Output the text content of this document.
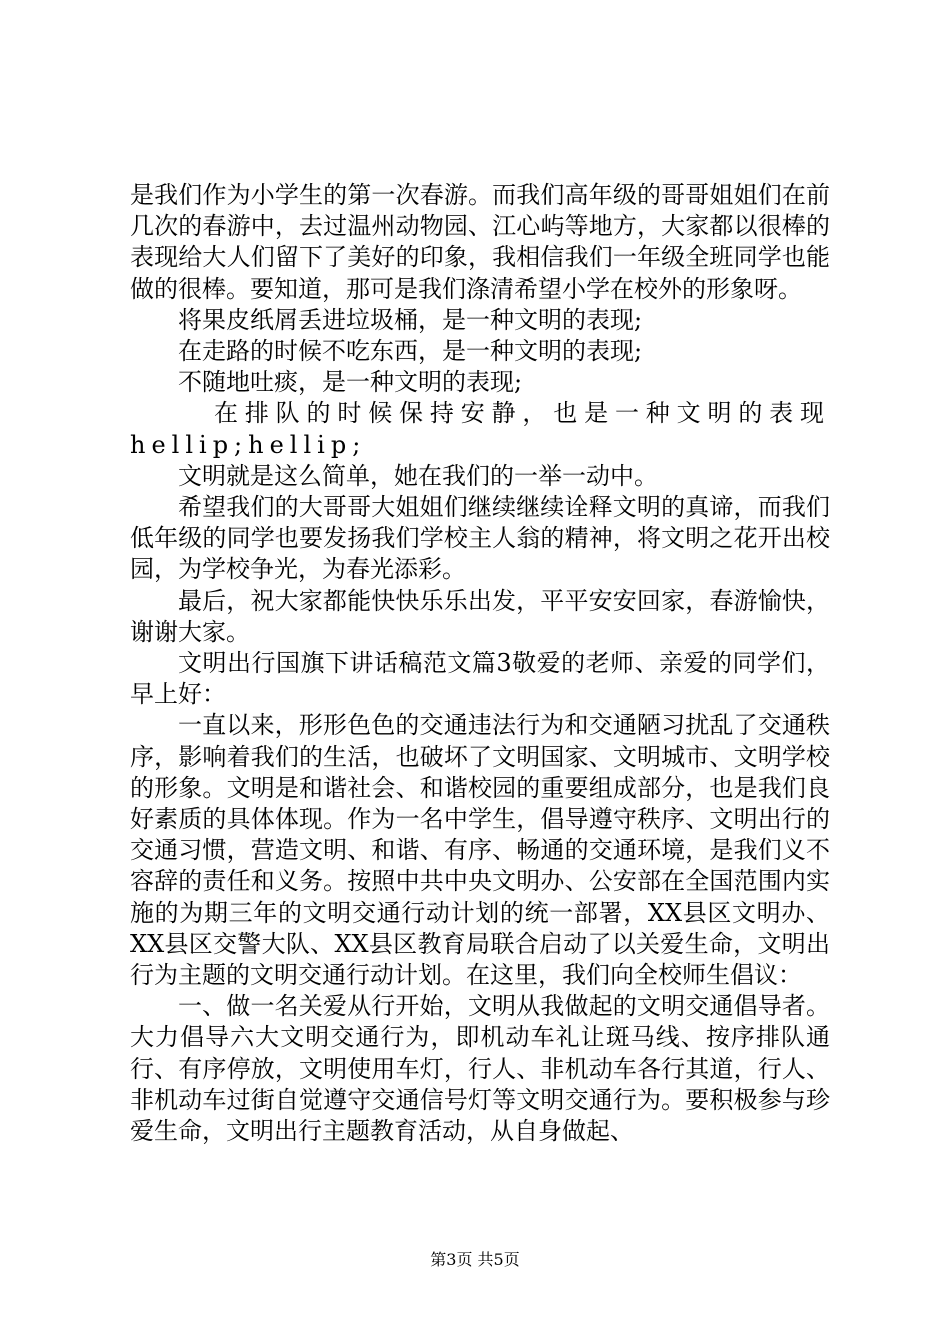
是我们作为小学生的第一次春游。而我们高年级的哥哥姐姐们在前几次的春游中，去过温州动物园、江心屿等地方，大家都以很棒的表现给大人们留下了美好的印象，我相信我们一年级全班同学也能做的很棒。要知道，那可是我们涤清希望小学在校外的形象呀。

将果皮纸屑丢进垃圾桶，是一种文明的表现;

在走路的时候不吃东西，是一种文明的表现;

不随地吐痰，是一种文明的表现;

在排队的时候保持安静，也是一种文明的表现hellip;hellip;

文明就是这么简单，她在我们的一举一动中。

希望我们的大哥哥大姐姐们继续继续诠释文明的真谛，而我们低年级的同学也要发扬我们学校主人翁的精神，将文明之花开出校园，为学校争光，为春光添彩。

最后，祝大家都能快快乐乐出发，平平安安回家，春游愉快，谢谢大家。

文明出行国旗下讲话稿范文篇3敬爱的老师、亲爱的同学们，早上好：

一直以来，形形色色的交通违法行为和交通陋习扰乱了交通秩序，影响着我们的生活，也破坏了文明国家、文明城市、文明学校的形象。文明是和谐社会、和谐校园的重要组成部分，也是我们良好素质的具体体现。作为一名中学生，倡导遵守秩序、文明出行的交通习惯，营造文明、和谐、有序、畅通的交通环境，是我们义不容辞的责任和义务。按照中共中央文明办、公安部在全国范围内实施的为期三年的文明交通行动计划的统一部署，XX县区文明办、XX县区交警大队、XX县区教育局联合启动了以关爱生命，文明出行为主题的文明交通行动计划。在这里，我们向全校师生倡议：

一、做一名关爱从行开始，文明从我做起的文明交通倡导者。大力倡导六大文明交通行为，即机动车礼让斑马线、按序排队通行、有序停放，文明使用车灯，行人、非机动车各行其道，行人、非机动车过街自觉遵守交通信号灯等文明交通行为。要积极参与珍爱生命，文明出行主题教育活动，从自身做起、

第3页 共5页
